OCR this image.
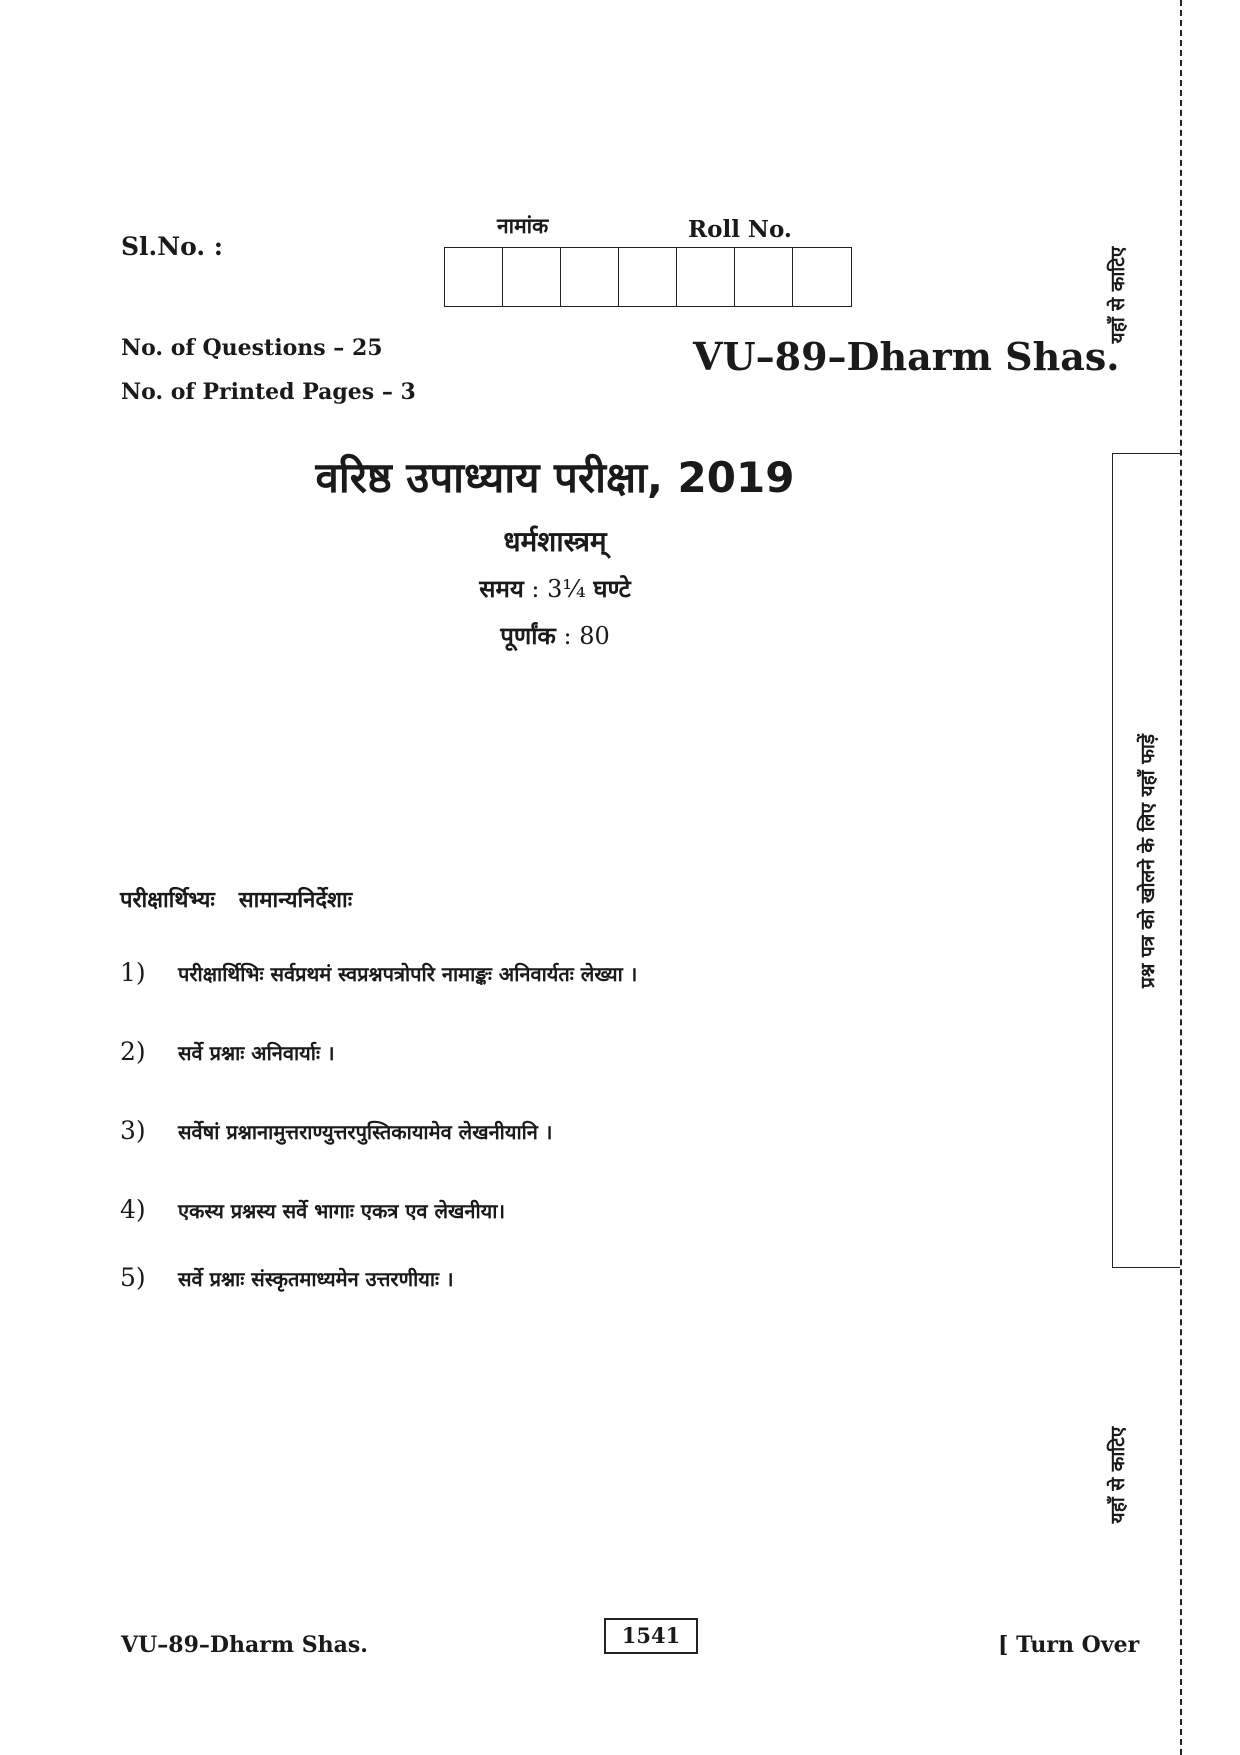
Sl.No. :
नामांक	Roll No.
No. of Questions – 25
No. of Printed Pages – 3
VU–89–Dharm Shas.
वरिष्ठ उपाध्याय परीक्षा, 2019
धर्मशास्त्रम्
समय : 3¼ घण्टे
पूर्णांक : 80
परीक्षार्थिभ्यः सामान्यनिर्देशाः
1)	परीक्षार्थिभिः सर्वप्रथमं स्वप्रश्नपत्रोपरि नामाङ्कः अनिवार्यतः लेख्या ।
2)	सर्वे प्रश्नाः अनिवार्याः ।
3)	सर्वेषां प्रश्नानामुत्तराण्युत्तरपुस्तिकायामेव लेखनीयानि ।
4)	एकस्य प्रश्नस्य सर्वे भागाः एकत्र एव लेखनीया।
5)	सर्वे प्रश्नाः संस्कृतमाध्यमेन उत्तरणीयाः ।
यहाँ से काटिए
प्रश्न पत्र को खोलने के लिए यहाँ फाड़ें
यहाँ से काटिए
VU–89–Dharm Shas.	1541	[ Turn Over
